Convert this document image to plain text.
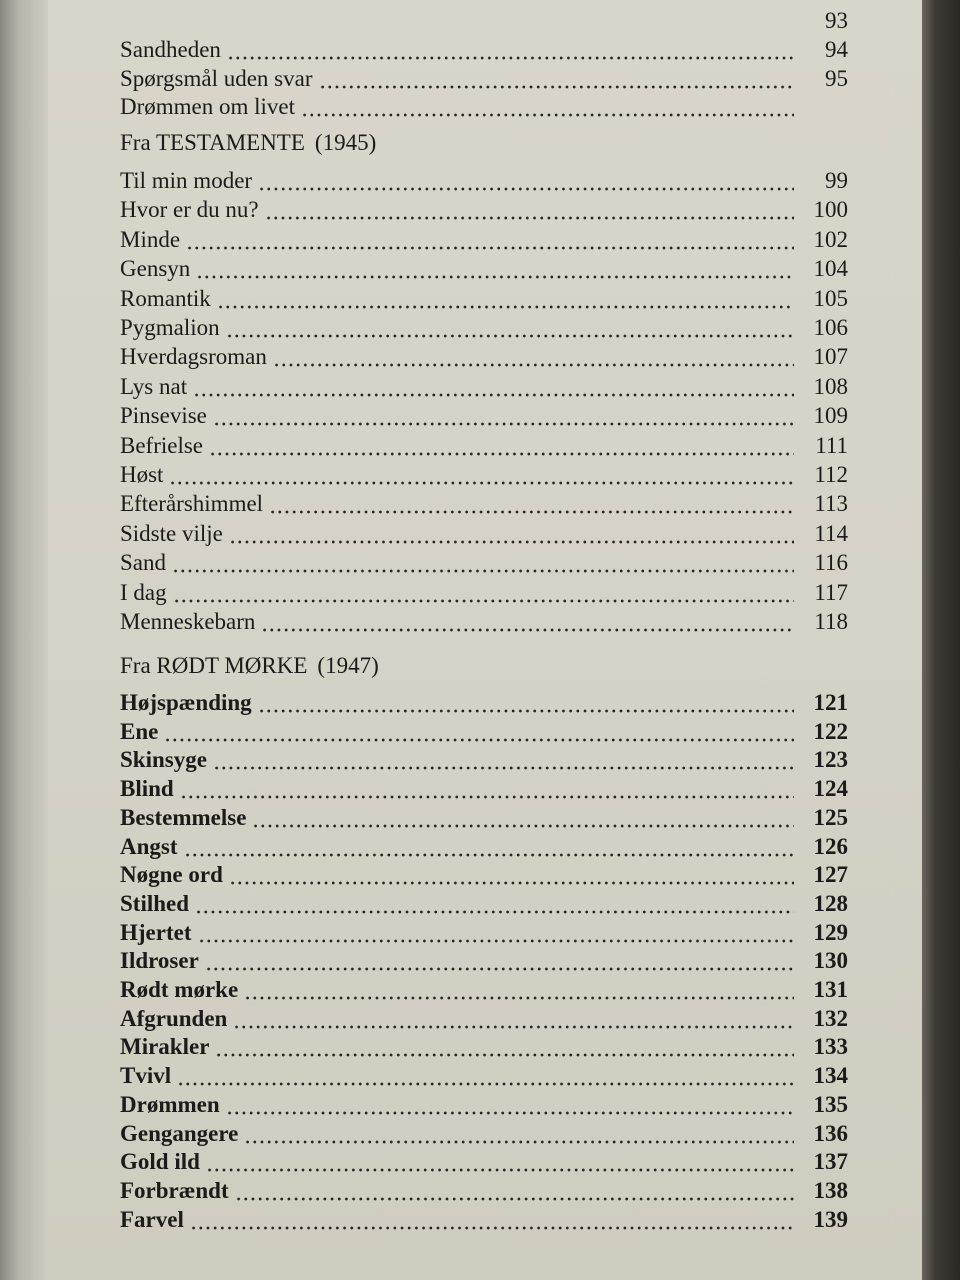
93
Sandheden	94
Spørgsmål uden svar	95
Drømmen om livet
Fra TESTAMENTE (1945)
Til min moder	99
Hvor er du nu?	100
Minde	102
Gensyn	104
Romantik	105
Pygmalion	106
Hverdagsroman	107
Lys nat	108
Pinsevise	109
Befrielse	111
Høst	112
Efterårshimmel	113
Sidste vilje	114
Sand	116
I dag	117
Menneskebarn	118
Fra RØDT MØRKE (1947)
Højspænding	121
Ene	122
Skinsyge	123
Blind	124
Bestemmelse	125
Angst	126
Nøgne ord	127
Stilhed	128
Hjertet	129
Ildroser	130
Rødt mørke	131
Afgrunden	132
Mirakler	133
Tvivl	134
Drømmen	135
Gengangere	136
Gold ild	137
Forbrændt	138
Farvel	139
